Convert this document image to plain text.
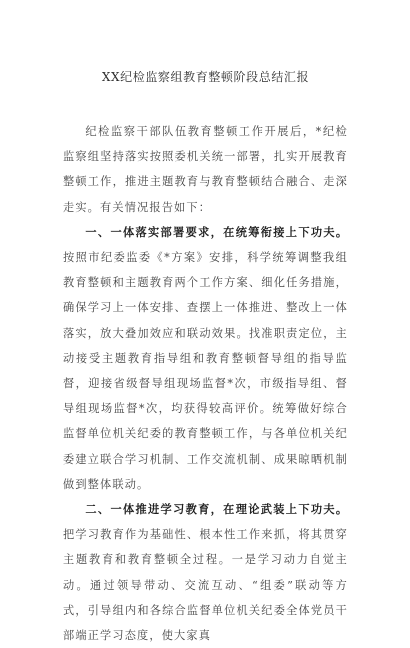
XX纪检监察组教育整顿阶段总结汇报

纪检监察干部队伍教育整顿工作开展后，*纪检监察组坚持落实按照委机关统一部署，扎实开展教育整顿工作，推进主题教育与教育整顿结合融合、走深走实。有关情况报告如下：

一、一体落实部署要求，在统筹衔接上下功夫。按照市纪委监委《*方案》安排，科学统筹调整我组教育整顿和主题教育两个工作方案、细化任务措施，确保学习上一体安排、查摆上一体推进、整改上一体落实，放大叠加效应和联动效果。找准职责定位，主动接受主题教育指导组和教育整顿督导组的指导监督，迎接省级督导组现场监督*次，市级指导组、督导组现场监督*次，均获得较高评价。统筹做好综合监督单位机关纪委的教育整顿工作，与各单位机关纪委建立联合学习机制、工作交流机制、成果晾晒机制做到整体联动。

二、一体推进学习教育，在理论武装上下功夫。把学习教育作为基础性、根本性工作来抓，将其贯穿主题教育和教育整顿全过程。一是学习动力自觉主动。通过领导带动、交流互动、“组委”联动等方式，引导组内和各综合监督单位机关纪委全体党员干部端正学习态度，使大家真
